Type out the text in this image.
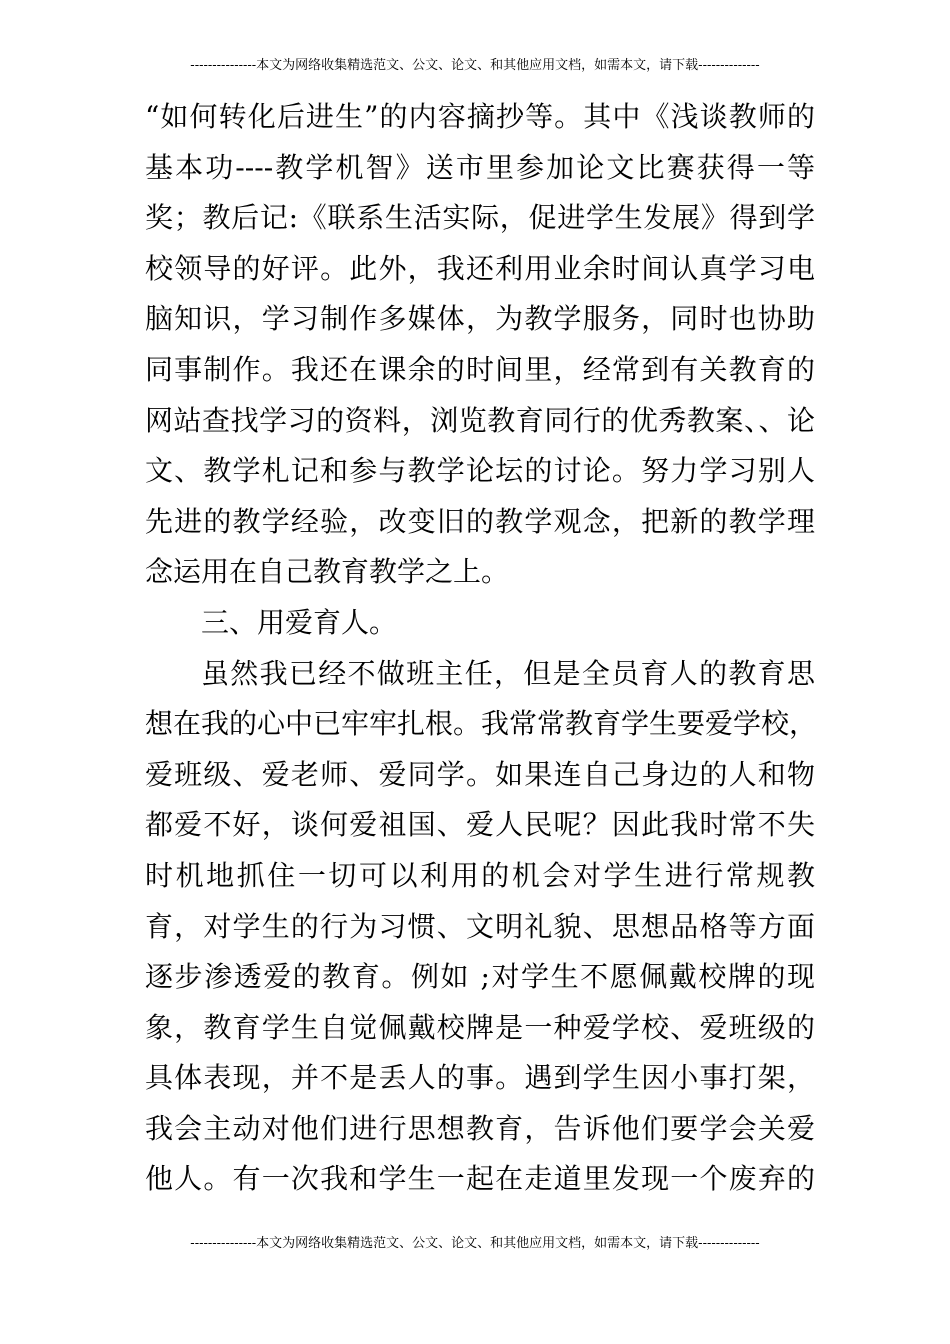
---------------本文为网络收集精选范文、公文、论文、和其他应用文档，如需本文，请下载--------------
“如何转化后进生”的内容摘抄等。其中《浅谈教师的
基本功----教学机智》送市里参加论文比赛获得一等
奖；教后记:《联系生活实际，促进学生发展》得到学
校领导的好评。此外，我还利用业余时间认真学习电
脑知识，学习制作多媒体，为教学服务，同时也协助
同事制作。我还在课余的时间里，经常到有关教育的
网站查找学习的资料，浏览教育同行的优秀教案、、论
文、教学札记和参与教学论坛的讨论。努力学习别人
先进的教学经验，改变旧的教学观念，把新的教学理
念运用在自己教育教学之上。
三、用爱育人。
虽然我已经不做班主任，但是全员育人的教育思
想在我的心中已牢牢扎根。我常常教育学生要爱学校，
爱班级、爱老师、爱同学。如果连自己身边的人和物
都爱不好，谈何爱祖国、爱人民呢？因此我时常不失
时机地抓住一切可以利用的机会对学生进行常规教
育，对学生的行为习惯、文明礼貌、思想品格等方面
逐步渗透爱的教育。例如 ;对学生不愿佩戴校牌的现
象，教育学生自觉佩戴校牌是一种爱学校、爱班级的
具体表现，并不是丢人的事。遇到学生因小事打架，
我会主动对他们进行思想教育，告诉他们要学会关爱
他人。有一次我和学生一起在走道里发现一个废弃的
---------------本文为网络收集精选范文、公文、论文、和其他应用文档，如需本文，请下载--------------
